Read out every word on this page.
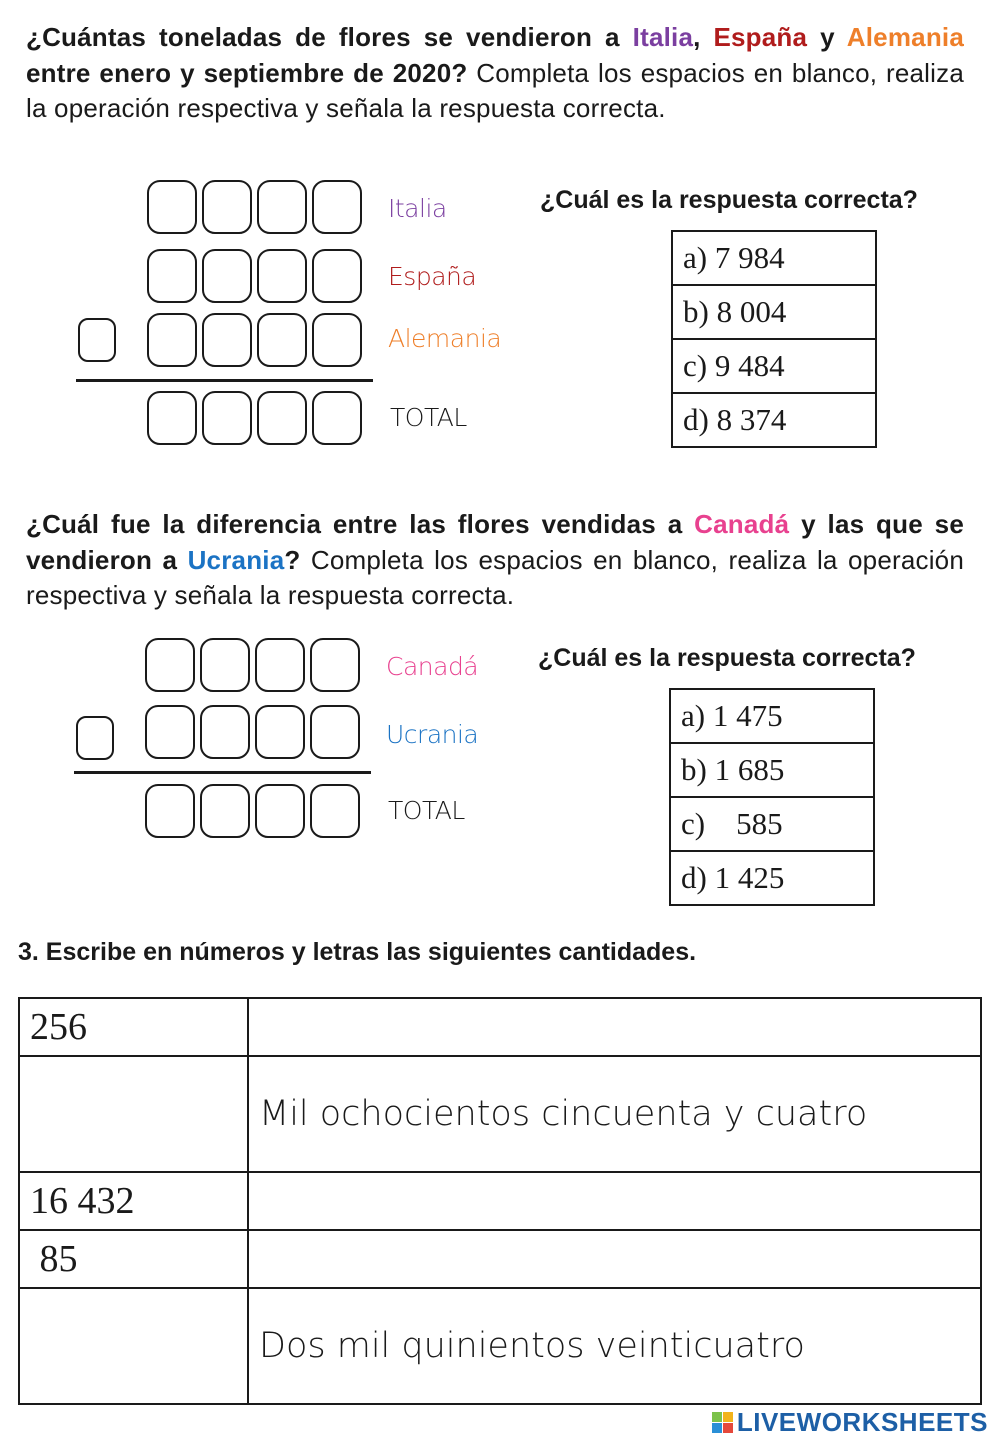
¿Cuántas toneladas de flores se vendieron a Italia, España y Alemania entre enero y septiembre de 2020? Completa los espacios en blanco, realiza la operación respectiva y señala la respuesta correcta.
Italia
España
Alemania
TOTAL
¿Cuál es la respuesta correcta?
a) 7 984
b) 8 004
c) 9 484
d) 8 374
¿Cuál fue la diferencia entre las flores vendidas a Canadá y las que se vendieron a Ucrania? Completa los espacios en blanco, realiza la operación respectiva y señala la respuesta correcta.
Canadá
Ucrania
TOTAL
¿Cuál es la respuesta correcta?
a) 1 475
b) 1 685
c)    585
d) 1 425
3. Escribe en números y letras las siguientes cantidades.
256	
	Mil ochocientos cincuenta y cuatro
16 432	
85	
	Dos mil quinientos veinticuatro
LIVEWORKSHEETS
